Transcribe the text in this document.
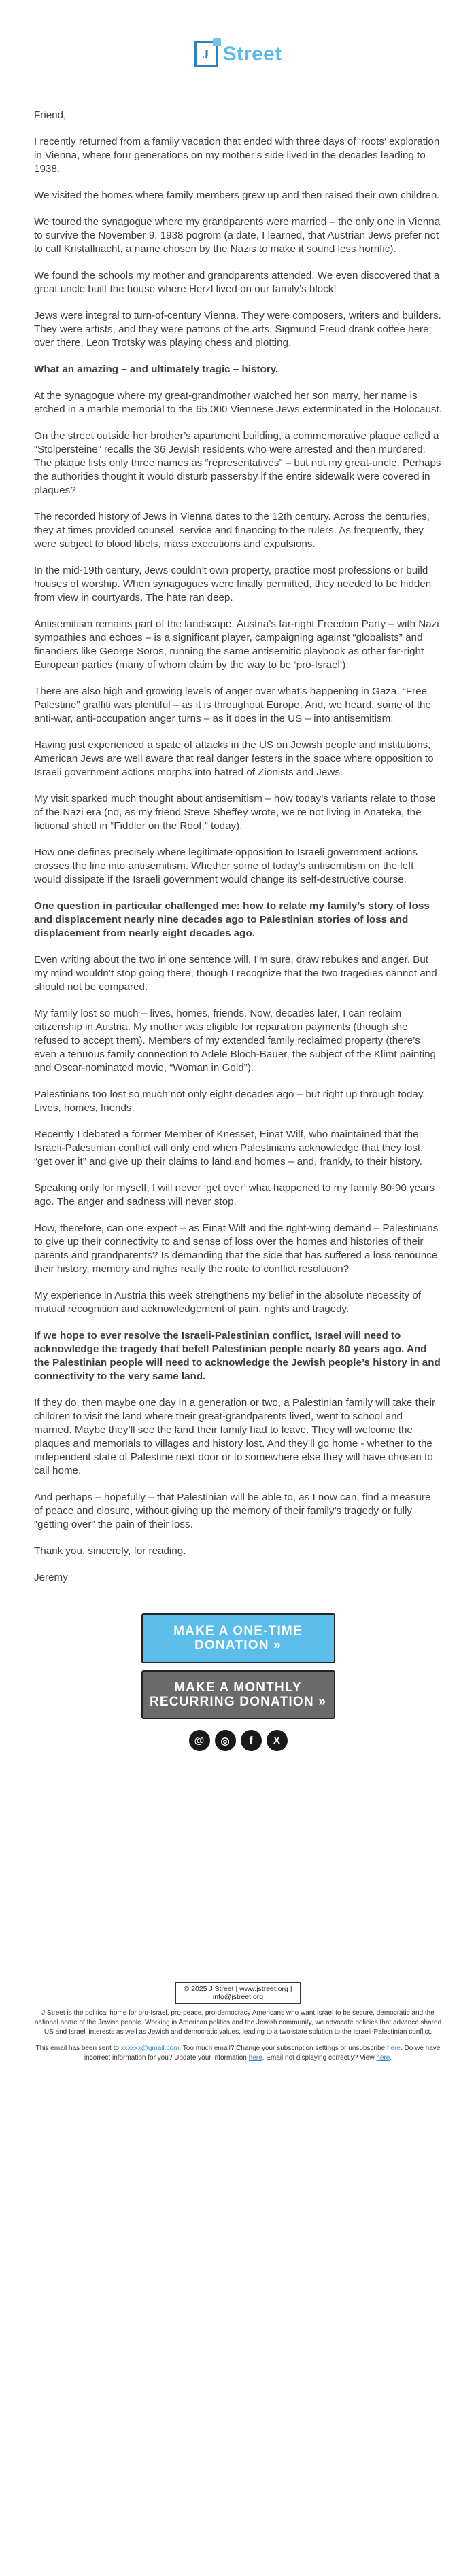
J Street

Friend,

I recently returned from a family vacation that ended with three days of ‘roots’ exploration in Vienna, where four generations on my mother’s side lived in the decades leading to 1938.

We visited the homes where family members grew up and then raised their own children.

We toured the synagogue where my grandparents were married – the only one in Vienna to survive the November 9, 1938 pogrom (a date, I learned, that Austrian Jews prefer not to call Kristallnacht, a name chosen by the Nazis to make it sound less horrific).

We found the schools my mother and grandparents attended. We even discovered that a great uncle built the house where Herzl lived on our family’s block!

Jews were integral to turn-of-century Vienna. They were composers, writers and builders. They were artists, and they were patrons of the arts. Sigmund Freud drank coffee here; over there, Leon Trotsky was playing chess and plotting.

What an amazing – and ultimately tragic – history.

At the synagogue where my great-grandmother watched her son marry, her name is etched in a marble memorial to the 65,000 Viennese Jews exterminated in the Holocaust.

On the street outside her brother’s apartment building, a commemorative plaque called a “Stolpersteine” recalls the 36 Jewish residents who were arrested and then murdered. The plaque lists only three names as “representatives” – but not my great-uncle. Perhaps the authorities thought it would disturb passersby if the entire sidewalk were covered in plaques?

The recorded history of Jews in Vienna dates to the 12th century. Across the centuries, they at times provided counsel, service and financing to the rulers. As frequently, they were subject to blood libels, mass executions and expulsions.

In the mid-19th century, Jews couldn’t own property, practice most professions or build houses of worship. When synagogues were finally permitted, they needed to be hidden from view in courtyards. The hate ran deep.

Antisemitism remains part of the landscape. Austria’s far-right Freedom Party – with Nazi sympathies and echoes – is a significant player, campaigning against “globalists” and financiers like George Soros, running the same antisemitic playbook as other far-right European parties (many of whom claim by the way to be ‘pro-Israel’).

There are also high and growing levels of anger over what’s happening in Gaza. “Free Palestine” graffiti was plentiful – as it is throughout Europe. And, we heard, some of the anti-war, anti-occupation anger turns – as it does in the US – into antisemitism.

Having just experienced a spate of attacks in the US on Jewish people and institutions, American Jews are well aware that real danger festers in the space where opposition to Israeli government actions morphs into hatred of Zionists and Jews.

My visit sparked much thought about antisemitism – how today’s variants relate to those of the Nazi era (no, as my friend Steve Sheffey wrote, we’re not living in Anateka, the fictional shtetl in “Fiddler on the Roof,” today).

How one defines precisely where legitimate opposition to Israeli government actions crosses the line into antisemitism. Whether some of today’s antisemitism on the left would dissipate if the Israeli government would change its self-destructive course.

One question in particular challenged me: how to relate my family’s story of loss and displacement nearly nine decades ago to Palestinian stories of loss and displacement from nearly eight decades ago.

Even writing about the two in one sentence will, I’m sure, draw rebukes and anger. But my mind wouldn’t stop going there, though I recognize that the two tragedies cannot and should not be compared.

My family lost so much – lives, homes, friends. Now, decades later, I can reclaim citizenship in Austria. My mother was eligible for reparation payments (though she refused to accept them). Members of my extended family reclaimed property (there’s even a tenuous family connection to Adele Bloch-Bauer, the subject of the Klimt painting and Oscar-nominated movie, “Woman in Gold”).

Palestinians too lost so much not only eight decades ago – but right up through today. Lives, homes, friends.

Recently I debated a former Member of Knesset, Einat Wilf, who maintained that the Israeli-Palestinian conflict will only end when Palestinians acknowledge that they lost, “get over it” and give up their claims to land and homes – and, frankly, to their history.

Speaking only for myself, I will never ‘get over’ what happened to my family 80-90 years ago. The anger and sadness will never stop.

How, therefore, can one expect – as Einat Wilf and the right-wing demand – Palestinians to give up their connectivity to and sense of loss over the homes and histories of their parents and grandparents? Is demanding that the side that has suffered a loss renounce their history, memory and rights really the route to conflict resolution?

My experience in Austria this week strengthens my belief in the absolute necessity of mutual recognition and acknowledgement of pain, rights and tragedy.

If we hope to ever resolve the Israeli-Palestinian conflict, Israel will need to acknowledge the tragedy that befell Palestinian people nearly 80 years ago. And the Palestinian people will need to acknowledge the Jewish people’s history in and connectivity to the very same land.

If they do, then maybe one day in a generation or two, a Palestinian family will take their children to visit the land where their great-grandparents lived, went to school and married. Maybe they’ll see the land their family had to leave. They will welcome the plaques and memorials to villages and history lost. And they’ll go home - whether to the independent state of Palestine next door or to somewhere else they will have chosen to call home.

And perhaps – hopefully – that Palestinian will be able to, as I now can, find a measure of peace and closure, without giving up the memory of their family’s tragedy or fully “getting over” the pain of their loss.

Thank you, sincerely, for reading.

Jeremy

MAKE A ONE-TIME DONATION »
MAKE A MONTHLY RECURRING DONATION »
@	◎	f	X
© 2025 J Street | www.jstreet.org | info@jstreet.org

J Street is the political home for pro-Israel, pro-peace, pro-democracy Americans who want Israel to be secure, democratic and the national home of the Jewish people. Working in American politics and the Jewish community, we advocate policies that advance shared US and Israeli interests as well as Jewish and democratic values, leading to a two-state solution to the Israeli-Palestinian conflict.

This email has been sent to xxxxxx@gmail.com. Too much email? Change your subscription settings or unsubscribe here. Do we have incorrect information for you? Update your information here. Email not displaying correctly? View here.
